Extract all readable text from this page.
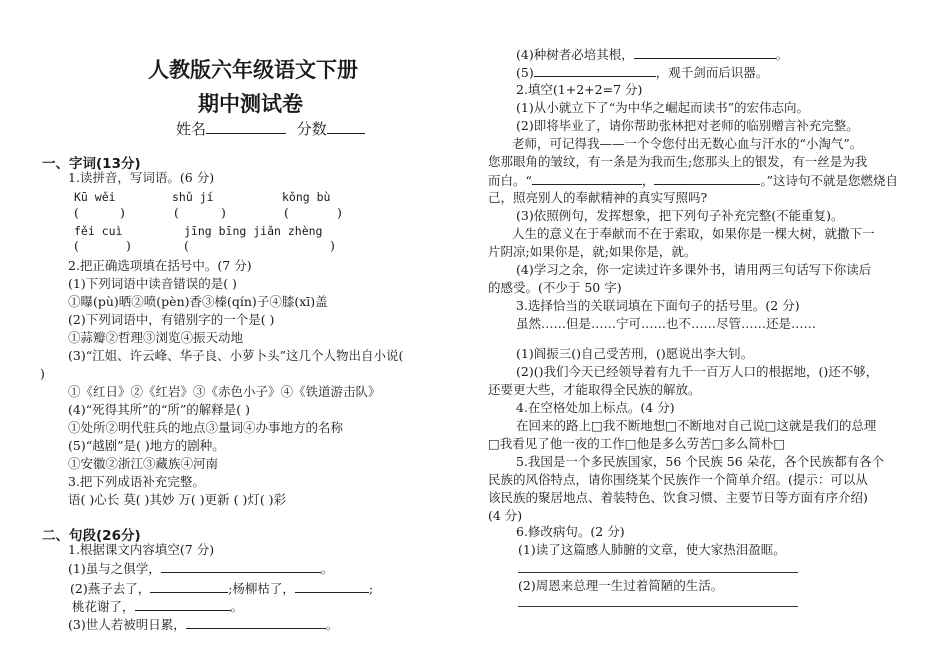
人教版六年级语文下册
期中测试卷
姓名	分数
一、字词(13分)
1.读拼音，写词语。(6 分)
Kū wěi	shǔ jí	kǒng bù
(	)	(	)	(	)
fěi cuì	jīng bīng jiǎn zhèng
(	)	(	)
2.把正确选项填在括号中。(7 分)
(1)下列词语中读音错误的是( )
①曝(pù)晒②喷(pèn)香③榛(qín)子④膝(xī)盖
(2)下列词语中，有错别字的一个是( )
①蒜瓣②哲理③浏览④振天动地
(3)“江姐、许云峰、华子良、小萝卜头”这几个人物出自小说(
)
①《红日》②《红岩》③《赤色小子》④《铁道游击队》
(4)“死得其所”的“所”的解释是( )
①处所②明代驻兵的地点③量词④办事地方的名称
(5)“越剧”是( )地方的剧种。
①安徽②浙江③藏族④河南
3.把下列成语补充完整。
语( )心长 莫( )其妙 万( )更新 ( )灯( )彩
二、句段(26分)
1.根据课文内容填空(7 分)
(1)虽与之俱学，	。
(2)燕子去了，	;杨柳枯了，	;
桃花谢了，	。
(3)世人若被明日累，	。
(4)种树者必培其根，	。
(5)	，观千剑而后识器。
2.填空(1+2+2=7 分)
(1)从小就立下了“为中华之崛起而读书”的宏伟志向。
(2)即将毕业了，请你帮助张林把对老师的临别赠言补充完整。
老师，可记得我——一个令您付出无数心血与汗水的“小淘气”。
您那眼角的皱纹，有一条是为我而生;您那头上的银发，有一丝是为我
而白。“	，	。”这诗句不就是您燃烧自
己，照亮别人的奉献精神的真实写照吗?
(3)依照例句，发挥想象，把下列句子补充完整(不能重复)。
人生的意义在于奉献而不在于索取，如果你是一棵大树，就撒下一
片阴凉;如果你是，就;如果你是，就。
(4)学习之余，你一定读过许多课外书，请用两三句话写下你读后
的感受。(不少于 50 字)
3.选择恰当的关联词填在下面句子的括号里。(2 分)
虽然……但是……宁可……也不……尽管……还是……
(1)阎振三()自己受苦刑，()愿说出李大钊。
(2)()我们今天已经领导着有九千一百万人口的根据地，()还不够，
还要更大些，才能取得全民族的解放。
4.在空格处加上标点。(4 分)
在回来的路上□我不断地想□不断地对自己说□这就是我们的总理
□我看见了他一夜的工作□他是多么劳苦□多么简朴□
5.我国是一个多民族国家，56 个民族 56 朵花，各个民族都有各个
民族的风俗特点，请你围绕某个民族作一个简单介绍。(提示：可以从
该民族的聚居地点、着装特色、饮食习惯、主要节日等方面有序介绍)
(4 分)
6.修改病句。(2 分)
(1)读了这篇感人肺腑的文章，使大家热泪盈眶。
(2)周恩来总理一生过着简陋的生活。
